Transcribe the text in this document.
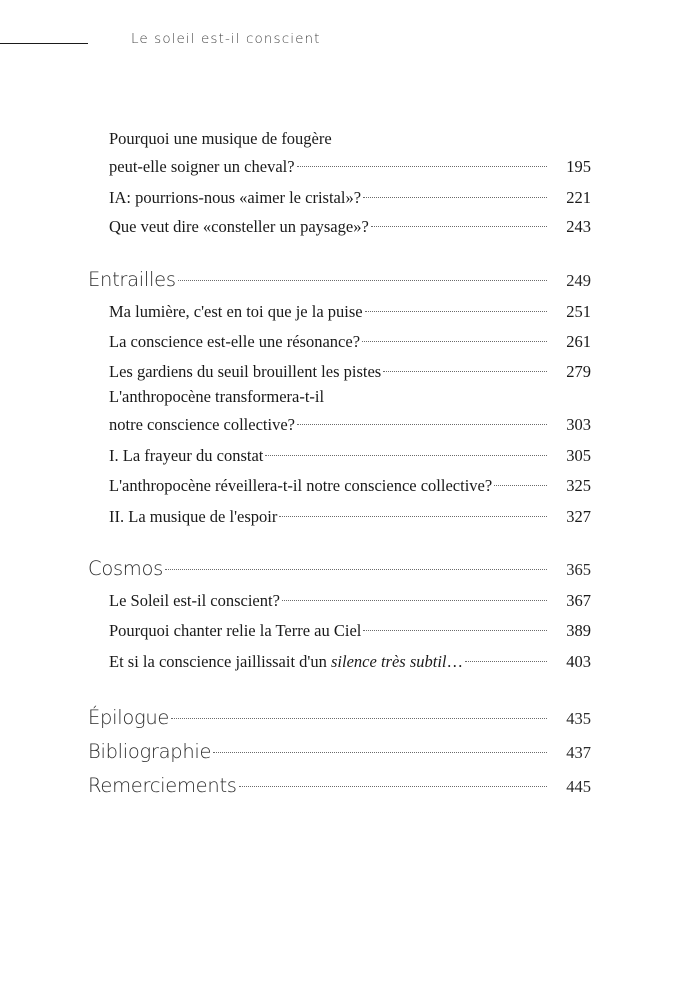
Le soleil est-il conscient
Pourquoi une musique de fougère
peut-elle soigner un cheval?	195
IA: pourrions-nous «aimer le cristal»?	221
Que veut dire «consteller un paysage»?	243
Entrailles	249
Ma lumière, c'est en toi que je la puise	251
La conscience est-elle une résonance?	261
Les gardiens du seuil brouillent les pistes	279
L'anthropocène transformera-t-il
notre conscience collective?	303
I. La frayeur du constat	305
L'anthropocène réveillera-t-il notre conscience collective?	325
II. La musique de l'espoir	327
Cosmos	365
Le Soleil est-il conscient?	367
Pourquoi chanter relie la Terre au Ciel	389
Et si la conscience jaillissait d'un silence très subtil…	403
Épilogue	435
Bibliographie	437
Remerciements	445
